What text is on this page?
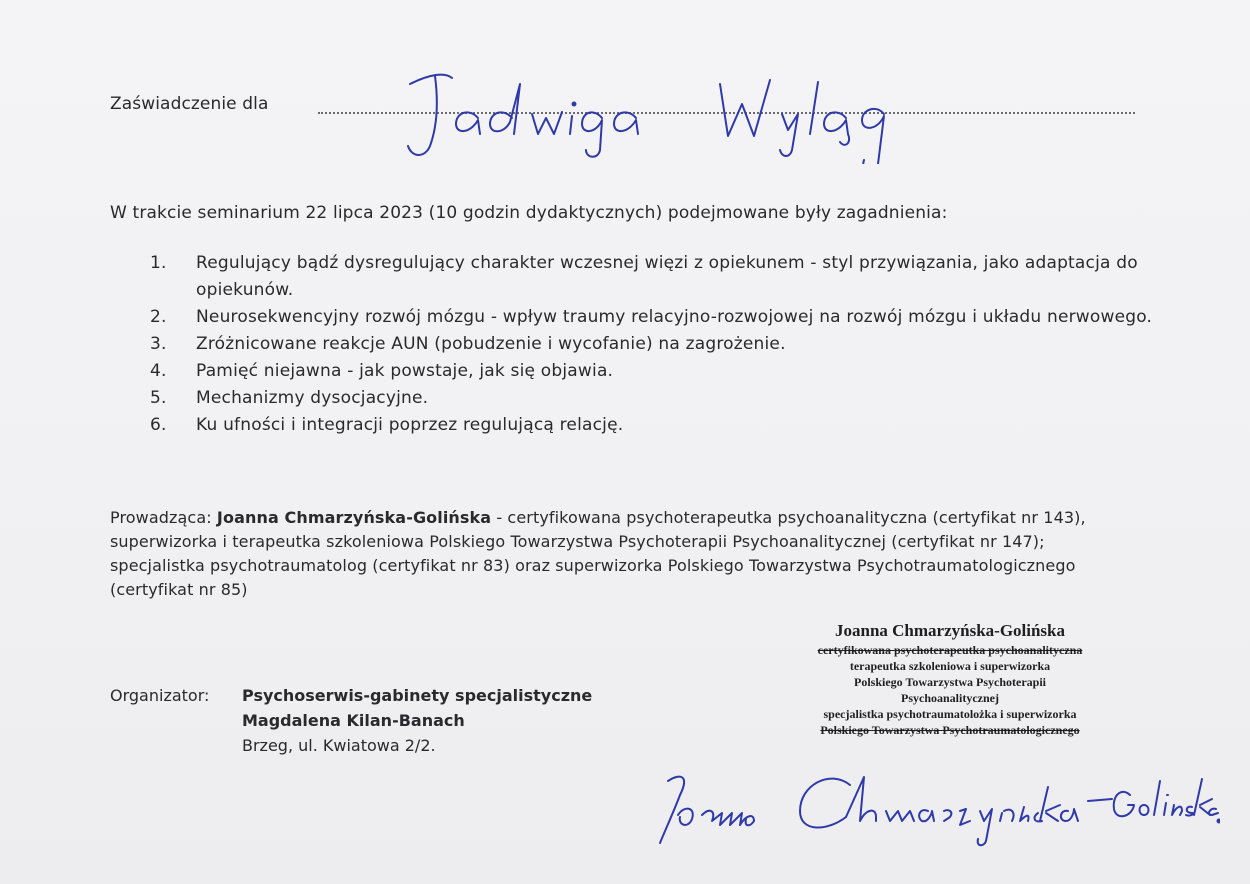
Zaświadczenie dla
W trakcie seminarium 22 lipca 2023 (10 godzin dydaktycznych) podejmowane były zagadnienia:
1.	Regulujący bądź dysregulujący charakter wczesnej więzi z opiekunem - styl przywiązania, jako adaptacja do opiekunów.
2.	Neurosekwencyjny rozwój mózgu - wpływ traumy relacyjno-rozwojowej na rozwój mózgu i układu nerwowego.
3.	Zróżnicowane reakcje AUN (pobudzenie i wycofanie) na zagrożenie.
4.	Pamięć niejawna - jak powstaje, jak się objawia.
5.	Mechanizmy dysocjacyjne.
6.	Ku ufności i integracji poprzez regulującą relację.

Prowadząca: Joanna Chmarzyńska-Golińska - certyfikowana psychoterapeutka psychoanalityczna (certyfikat nr 143), superwizorka i terapeutka szkoleniowa Polskiego Towarzystwa Psychoterapii Psychoanalitycznej (certyfikat nr 147); specjalistka psychotraumatolog (certyfikat nr 83) oraz superwizorka Polskiego Towarzystwa Psychotraumatologicznego (certyfikat nr 85)

Organizator:	Psychoserwis-gabinety specjalistyczne
Magdalena Kilan-Banach
Brzeg, ul. Kwiatowa 2/2.
Joanna Chmarzyńska-Golińska
certyfikowana psychoterapeutka psychoanalityczna
terapeutka szkoleniowa i superwizorka
Polskiego Towarzystwa Psychoterapii
Psychoanalitycznej
specjalistka psychotraumatolożka i superwizorka
Polskiego Towarzystwa Psychotraumatologicznego
